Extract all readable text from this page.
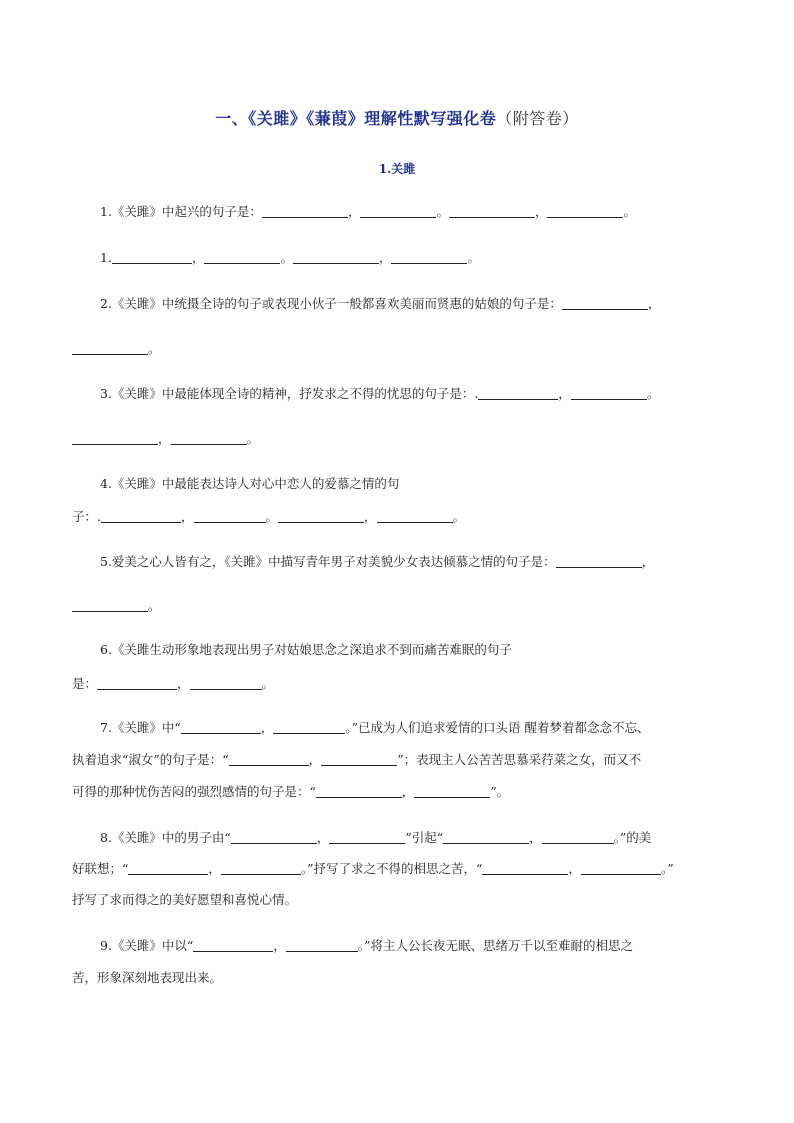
一、《关雎》《蒹葭》理解性默写强化卷（附答卷）
1.关雎
1.《关雎》中起兴的句子是：	，	。	，	。
1.	，	。	，	。
2.《关雎》中统摄全诗的句子或表现小伙子一般都喜欢美丽而贤惠的姑娘的句子是：	，
。
3.《关雎》中最能体现全诗的精神，抒发求之不得的忧思的句子是：.	，	。
，	。
4.《关雎》中最能表达诗人对心中恋人的爱慕之情的句
子：.	，	。	，	。
5.爱美之心人皆有之，《关雎》中描写青年男子对美貌少女表达倾慕之情的句子是：	，
。
6.《关雎生动形象地表现出男子对姑娘思念之深追求不到而痛苦难眠的句子
是：	，	。
7.《关雎》中“	，	。”已成为人们追求爱情的口头语 醒着梦着都念念不忘、
执着追求“淑女”的句子是：“	，	”；表现主人公苦苦思慕采荇菜之女，而又不
可得的那种忧伤苦闷的强烈感情的句子是：“	，	”。
8.《关雎》中的男子由“	，	”引起“	，	。”的美
好联想；“	，	。”抒写了求之不得的相思之苦，“	，	。”
抒写了求而得之的美好愿望和喜悦心情。
9.《关雎》中以“	，	。”将主人公长夜无眠、思绪万千以至难耐的相思之
苦，形象深刻地表现出来。
